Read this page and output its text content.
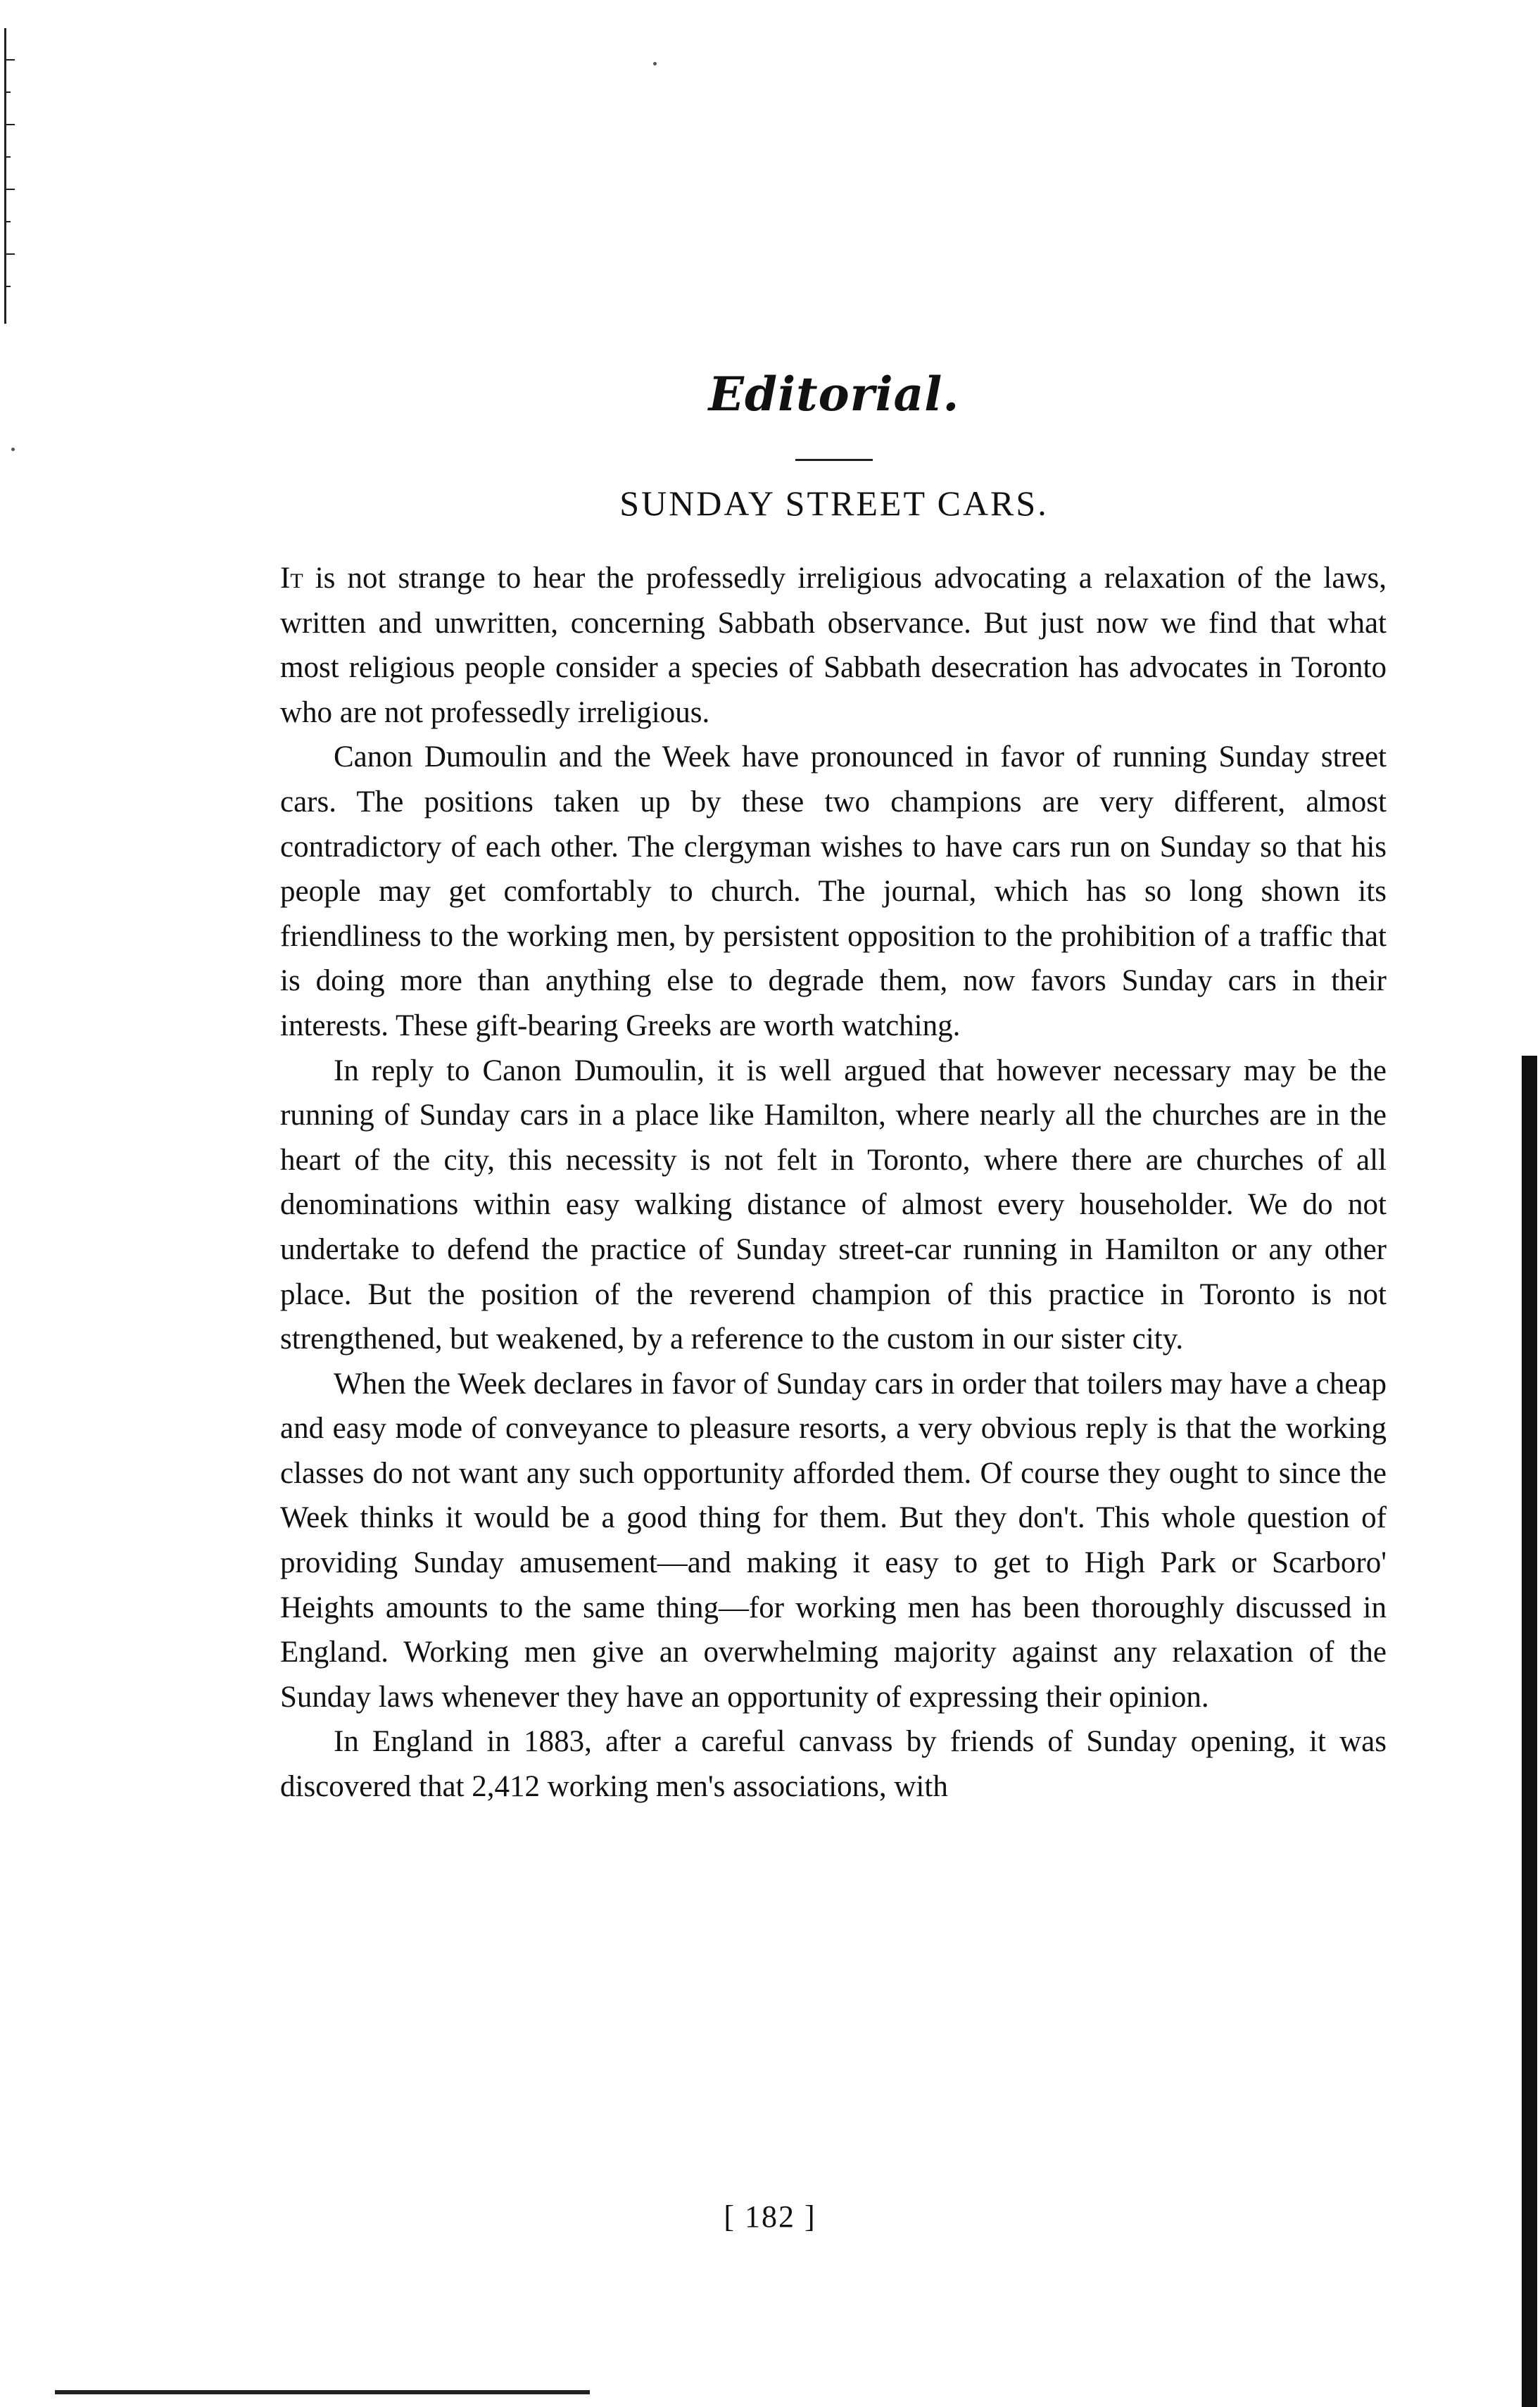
Editorial.
SUNDAY STREET CARS.

It is not strange to hear the professedly irreligious advocating a relaxation of the laws, written and unwritten, concerning Sabbath observance. But just now we find that what most religious people consider a species of Sabbath desecration has advocates in Toronto who are not professedly irreligious.

Canon Dumoulin and the Week have pronounced in favor of running Sunday street cars. The positions taken up by these two champions are very different, almost contradictory of each other. The clergyman wishes to have cars run on Sunday so that his people may get comfortably to church. The journal, which has so long shown its friendliness to the working men, by persistent opposition to the prohibition of a traffic that is doing more than anything else to degrade them, now favors Sunday cars in their interests. These gift-bearing Greeks are worth watching.

In reply to Canon Dumoulin, it is well argued that however necessary may be the running of Sunday cars in a place like Hamilton, where nearly all the churches are in the heart of the city, this necessity is not felt in Toronto, where there are churches of all denominations within easy walking distance of almost every householder. We do not undertake to defend the practice of Sunday street-car running in Hamilton or any other place. But the position of the reverend champion of this practice in Toronto is not strengthened, but weakened, by a reference to the custom in our sister city.

When the Week declares in favor of Sunday cars in order that toilers may have a cheap and easy mode of conveyance to pleasure resorts, a very obvious reply is that the working classes do not want any such opportunity afforded them. Of course they ought to since the Week thinks it would be a good thing for them. But they don't. This whole question of providing Sunday amusement—and making it easy to get to High Park or Scarboro' Heights amounts to the same thing—for working men has been thoroughly discussed in England. Working men give an overwhelming majority against any relaxation of the Sunday laws whenever they have an opportunity of expressing their opinion.

In England in 1883, after a careful canvass by friends of Sunday opening, it was discovered that 2,412 working men's associations, with

[ 182 ]
